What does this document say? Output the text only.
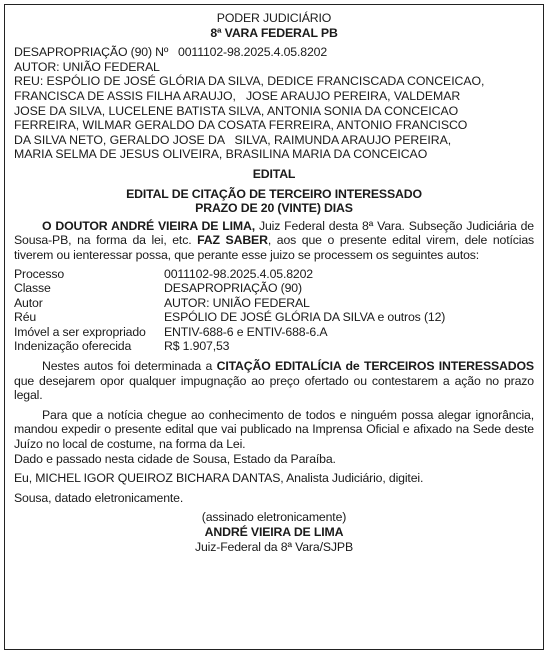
PODER JUDICIÁRIO
8ª VARA FEDERAL PB
DESAPROPRIAÇÃO (90) Nº   0011102-98.2025.4.05.8202
AUTOR: UNIÃO FEDERAL
REU: ESPÓLIO DE JOSÉ GLÓRIA DA SILVA, DEDICE FRANCISCADA CONCEICAO,
FRANCISCA DE ASSIS FILHA ARAUJO,   JOSE ARAUJO PEREIRA, VALDEMAR
JOSE DA SILVA, LUCELENE BATISTA SILVA, ANTONIA SONIA DA CONCEICAO
FERREIRA, WILMAR GERALDO DA COSATA FERREIRA, ANTONIO FRANCISCO
DA SILVA NETO, GERALDO JOSE DA   SILVA, RAIMUNDA ARAUJO PEREIRA,
MARIA SELMA DE JESUS OLIVEIRA, BRASILINA MARIA DA CONCEICAO
EDITAL
EDITAL DE CITAÇÃO DE TERCEIRO INTERESSADO
PRAZO DE 20 (VINTE) DIAS

O DOUTOR ANDRÉ VIEIRA DE LIMA, Juiz Federal desta 8ª Vara. Subseção Judiciária de Sousa-PB, na forma da lei, etc. FAZ SABER, aos que o presente edital virem, dele notícias tiverem ou ienteressar possa, que perante esse juizo se processem os seguintes autos:

Processo	0011102-98.2025.4.05.8202
Classe	DESAPROPRIAÇÃO (90)
Autor	AUTOR: UNIÃO FEDERAL
Réu	ESPÓLIO DE JOSÉ GLÓRIA DA SILVA e outros (12)
Imóvel a ser expropriado	ENTIV-688-6 e ENTIV-688-6.A
Indenização oferecida	R$ 1.907,53

Nestes autos foi determinada a CITAÇÃO EDITALÍCIA de TERCEIROS INTERESSADOS que desejarem opor qualquer impugnação ao preço ofertado ou contestarem a ação no prazo legal.

Para que a notícia chegue ao conhecimento de todos e ninguém possa alegar ignorância, mandou expedir o presente edital que vai publicado na Imprensa Oficial e afixado na Sede deste Juízo no local de costume, na forma da Lei.

Dado e passado nesta cidade de Sousa, Estado da Paraíba.

Eu, MICHEL IGOR QUEIROZ BICHARA DANTAS, Analista Judiciário, digitei.

Sousa, datado eletronicamente.

(assinado eletronicamente)
ANDRÉ VIEIRA DE LIMA
Juiz-Federal da 8ª Vara/SJPB
